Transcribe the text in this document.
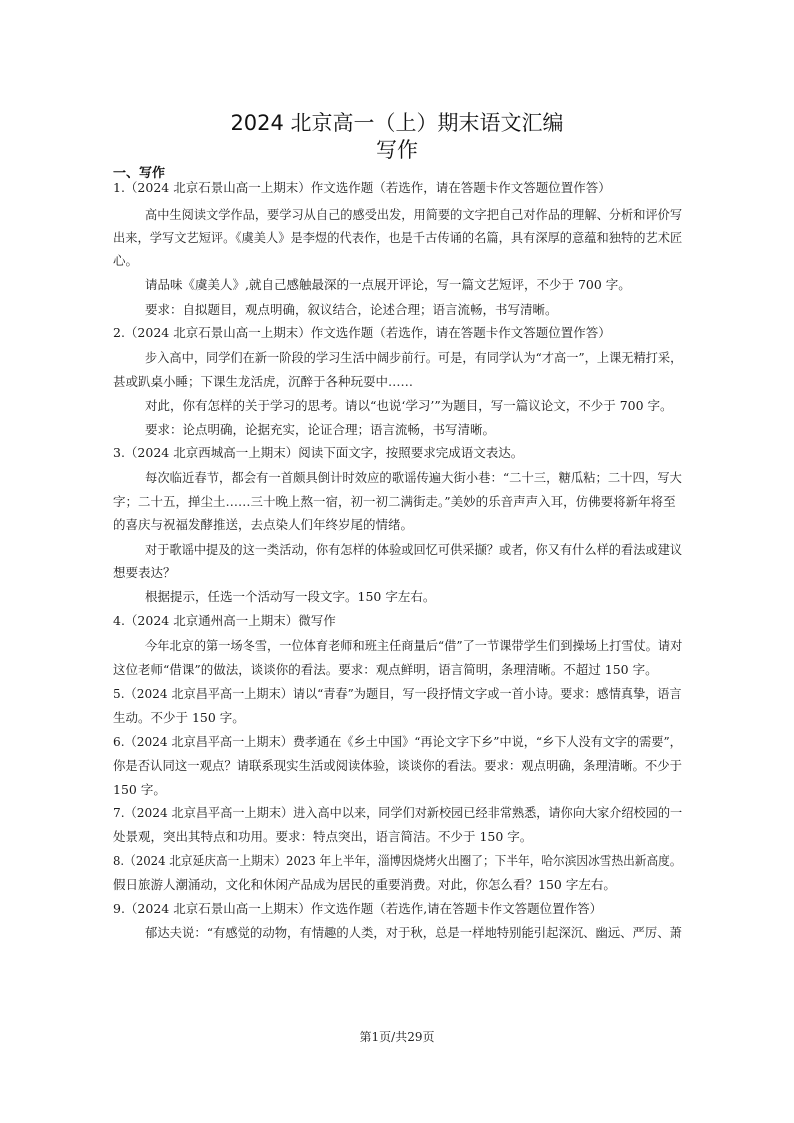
2024 北京高一（上）期末语文汇编
写作
一、写作
1.（2024 北京石景山高一上期末）作文选作题（若选作，请在答题卡作文答题位置作答）
高中生阅读文学作品，要学习从自己的感受出发，用简要的文字把自己对作品的理解、分析和评价写
出来，学写文艺短评。《虞美人》是李煜的代表作，也是千古传诵的名篇，具有深厚的意蕴和独特的艺术匠
心。
请品味《虞美人》,就自己感触最深的一点展开评论，写一篇文艺短评，不少于 700 字。
要求：自拟题目，观点明确，叙议结合，论述合理；语言流畅，书写清晰。
2.（2024 北京石景山高一上期末）作文选作题（若选作，请在答题卡作文答题位置作答）
步入高中，同学们在新一阶段的学习生活中阔步前行。可是，有同学认为“才高一”，上课无精打采，
甚或趴桌小睡；下课生龙活虎，沉醉于各种玩耍中……
对此，你有怎样的关于学习的思考。请以“也说‘学习’”为题目，写一篇议论文，不少于 700 字。
要求：论点明确，论据充实，论证合理；语言流畅，书写清晰。
3.（2024 北京西城高一上期末）阅读下面文字，按照要求完成语文表达。
每次临近春节，都会有一首颇具倒计时效应的歌谣传遍大街小巷：“二十三，糖瓜粘；二十四，写大
字；二十五，掸尘土……三十晚上熬一宿，初一初二满街走。”美妙的乐音声声入耳，仿佛要将新年将至
的喜庆与祝福发酵推送，去点染人们年终岁尾的情绪。
对于歌谣中提及的这一类活动，你有怎样的体验或回忆可供采撷？或者，你又有什么样的看法或建议
想要表达？
根据提示，任选一个活动写一段文字。150 字左右。
4.（2024 北京通州高一上期末）微写作
今年北京的第一场冬雪，一位体育老师和班主任商量后“借”了一节课带学生们到操场上打雪仗。请对
这位老师“借课”的做法，谈谈你的看法。要求：观点鲜明，语言简明，条理清晰。不超过 150 字。
5.（2024 北京昌平高一上期末）请以“青春”为题目，写一段抒情文字或一首小诗。要求：感情真挚，语言
生动。不少于 150 字。
6.（2024 北京昌平高一上期末）费孝通在《乡土中国》“再论文字下乡”中说，“乡下人没有文字的需要”，
你是否认同这一观点？请联系现实生活或阅读体验，谈谈你的看法。要求：观点明确，条理清晰。不少于
150 字。
7.（2024 北京昌平高一上期末）进入高中以来，同学们对新校园已经非常熟悉，请你向大家介绍校园的一
处景观，突出其特点和功用。要求：特点突出，语言简洁。不少于 150 字。
8.（2024 北京延庆高一上期末）2023 年上半年，淄博因烧烤火出圈了；下半年，哈尔滨因冰雪热出新高度。
假日旅游人潮涌动，文化和休闲产品成为居民的重要消费。对此，你怎么看？150 字左右。
9.（2024 北京石景山高一上期末）作文选作题（若选作,请在答题卡作文答题位置作答）
郁达夫说：“有感觉的动物，有情趣的人类，对于秋，总是一样地特别能引起深沉、幽远、严厉、萧
第1页/共29页
